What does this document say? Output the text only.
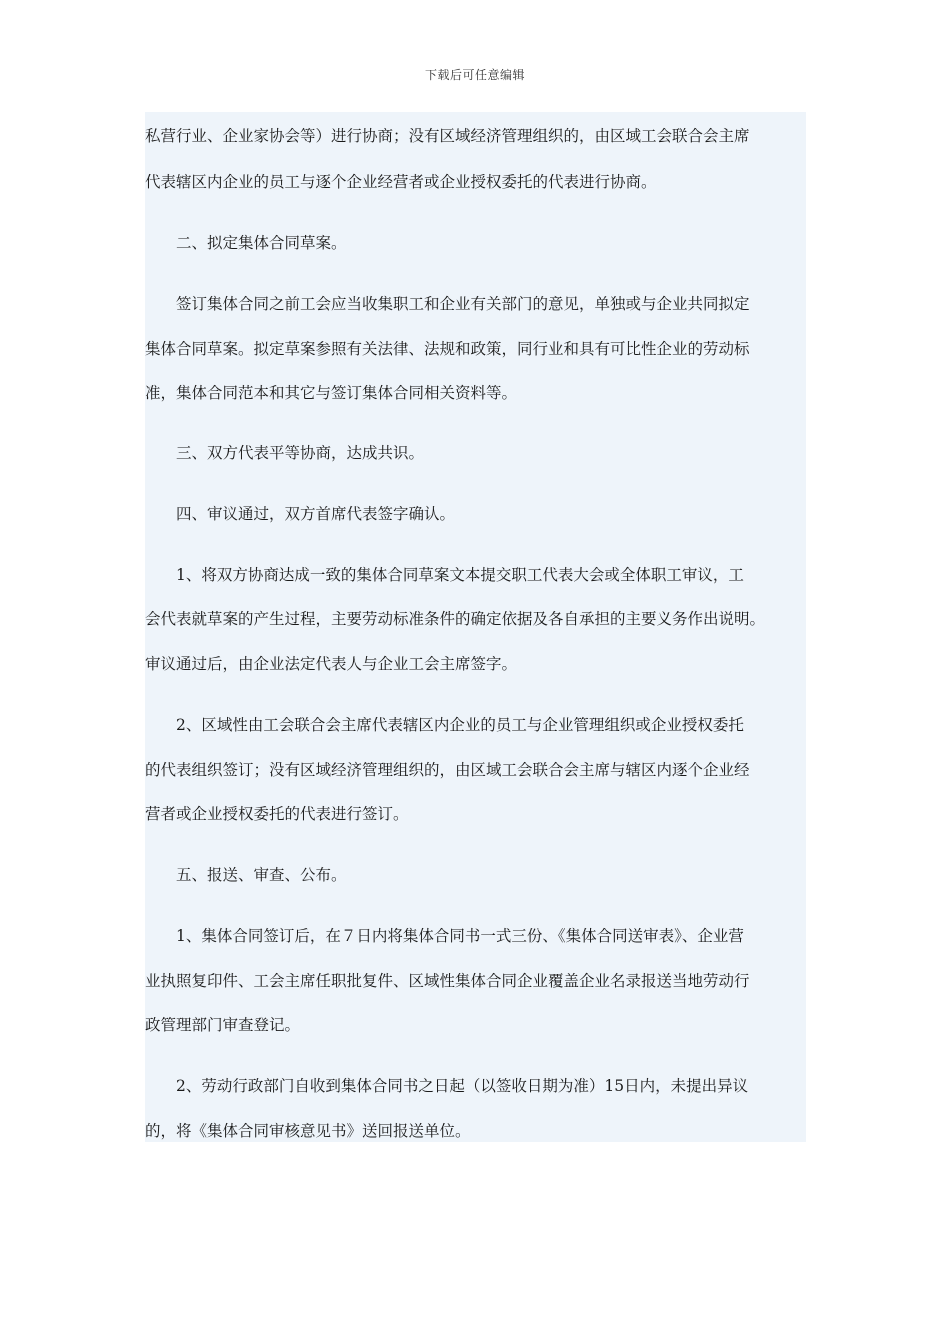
下载后可任意编辑
私营行业、企业家协会等）进行协商；没有区域经济管理组织的，由区域工会联合会主席
代表辖区内企业的员工与逐个企业经营者或企业授权委托的代表进行协商。
　　二、拟定集体合同草案。
　　签订集体合同之前工会应当收集职工和企业有关部门的意见，单独或与企业共同拟定
集体合同草案。拟定草案参照有关法律、法规和政策，同行业和具有可比性企业的劳动标
准，集体合同范本和其它与签订集体合同相关资料等。
　　三、双方代表平等协商，达成共识。
　　四、审议通过，双方首席代表签字确认。
　　1、将双方协商达成一致的集体合同草案文本提交职工代表大会或全体职工审议，工
会代表就草案的产生过程，主要劳动标准条件的确定依据及各自承担的主要义务作出说明。
审议通过后，由企业法定代表人与企业工会主席签字。
　　2、区域性由工会联合会主席代表辖区内企业的员工与企业管理组织或企业授权委托
的代表组织签订；没有区域经济管理组织的，由区域工会联合会主席与辖区内逐个企业经
营者或企业授权委托的代表进行签订。
　　五、报送、审查、公布。
　　1、集体合同签订后，在７日内将集体合同书一式三份、《集体合同送审表》、企业营
业执照复印件、工会主席任职批复件、区域性集体合同企业覆盖企业名录报送当地劳动行
政管理部门审查登记。
　　2、劳动行政部门自收到集体合同书之日起（以签收日期为准）15日内，未提出异议
的，将《集体合同审核意见书》送回报送单位。
